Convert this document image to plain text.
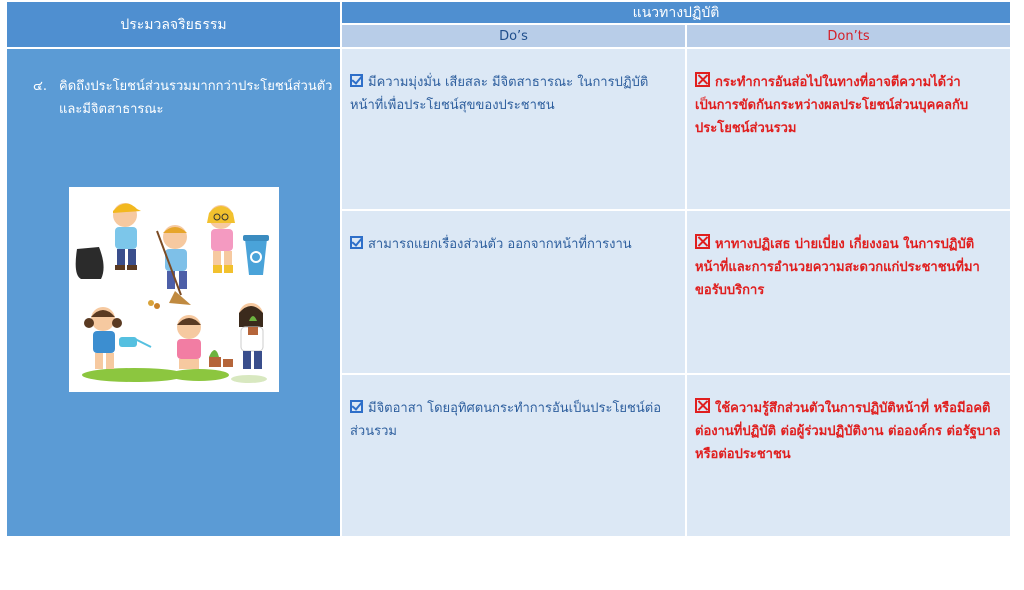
ประมวลจริยธรรม
แนวทางปฏิบัติ
Do’s	Don’ts
๔. คิดถึงประโยชน์ส่วนรวมมากกว่าประโยชน์ส่วนตัว และมีจิตสาธารณะ
มีความมุ่งมั่น เสียสละ มีจิตสาธารณะ ในการปฏิบัติหน้าที่เพื่อประโยชน์สุขของประชาชน
กระทำการอันส่อไปในทางที่อาจตีความได้ว่าเป็นการขัดกันกระหว่างผลประโยชน์ส่วนบุคคลกับประโยชน์ส่วนรวม
สามารถแยกเรื่องส่วนตัว ออกจากหน้าที่การงาน	หาทางปฏิเสธ บ่ายเบี่ยง เกี่ยงงอน ในการปฏิบัติหน้าที่และการอำนวยความสะดวกแก่ประชาชนที่มาขอรับบริการ
มีจิตอาสา โดยอุทิศตนกระทำการอันเป็นประโยชน์ต่อส่วนรวม
ใช้ความรู้สึกส่วนตัวในการปฏิบัติหน้าที่ หรือมีอคติต่องานที่ปฏิบัติ ต่อผู้ร่วมปฏิบัติงาน ต่อองค์กร ต่อรัฐบาล หรือต่อประชาชน
